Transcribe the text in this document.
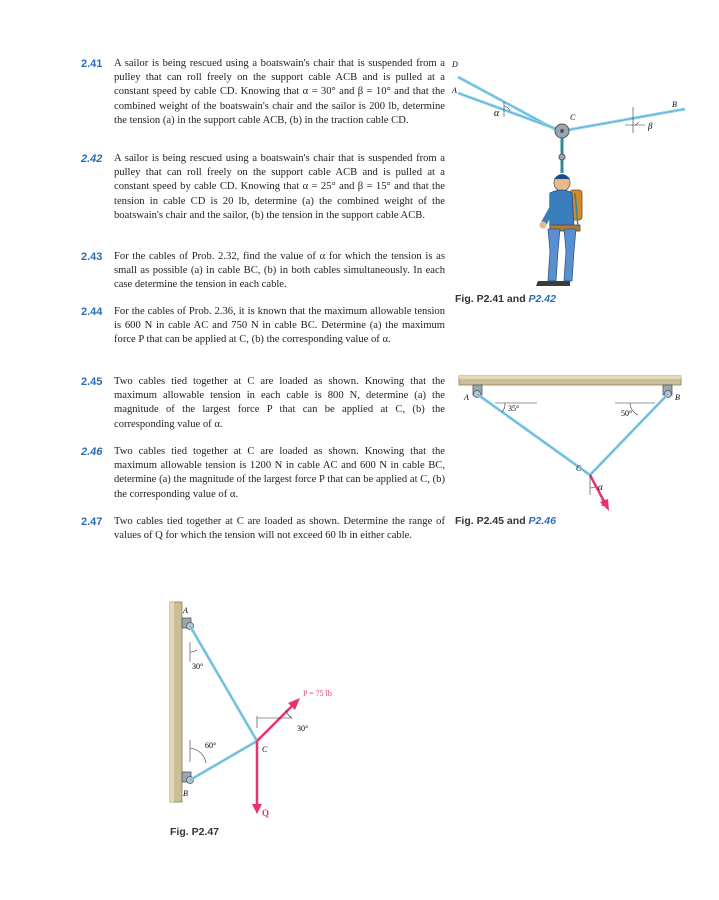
2.41 A sailor is being rescued using a boatswain's chair that is suspended from a pulley that can roll freely on the support cable ACB and is pulled at a constant speed by cable CD. Knowing that α = 30° and β = 10° and that the combined weight of the boatswain's chair and the sailor is 200 lb, determine the tension (a) in the support cable ACB, (b) in the traction cable CD.
2.42 A sailor is being rescued using a boatswain's chair that is suspended from a pulley that can roll freely on the support cable ACB and is pulled at a constant speed by cable CD. Knowing that α = 25° and β = 15° and that the tension in cable CD is 20 lb, determine (a) the combined weight of the boatswain's chair and the sailor, (b) the tension in the support cable ACB.
2.43 For the cables of Prob. 2.32, find the value of α for which the tension is as small as possible (a) in cable BC, (b) in both cables simultaneously. In each case determine the tension in each cable.
2.44 For the cables of Prob. 2.36, it is known that the maximum allowable tension is 600 N in cable AC and 750 N in cable BC. Determine (a) the maximum force P that can be applied at C, (b) the corresponding value of α.
2.45 Two cables tied together at C are loaded as shown. Knowing that the maximum allowable tension in each cable is 800 N, determine (a) the magnitude of the largest force P that can be applied at C, (b) the corresponding value of α.
2.46 Two cables tied together at C are loaded as shown. Knowing that the maximum allowable tension is 1200 N in cable AC and 600 N in cable BC, determine (a) the magnitude of the largest force P that can be applied at C, (b) the corresponding value of α.
2.47 Two cables tied together at C are loaded as shown. Determine the range of values of Q for which the tension will not exceed 60 lb in either cable.
D
A
B
C
α
β
Fig. P2.41 and P2.42
A	B
C
35°
50°
α
P
Fig. P2.45 and P2.46
A
B
C
30°
60°
30°
P = 75 lb
Q
Fig. P2.47
